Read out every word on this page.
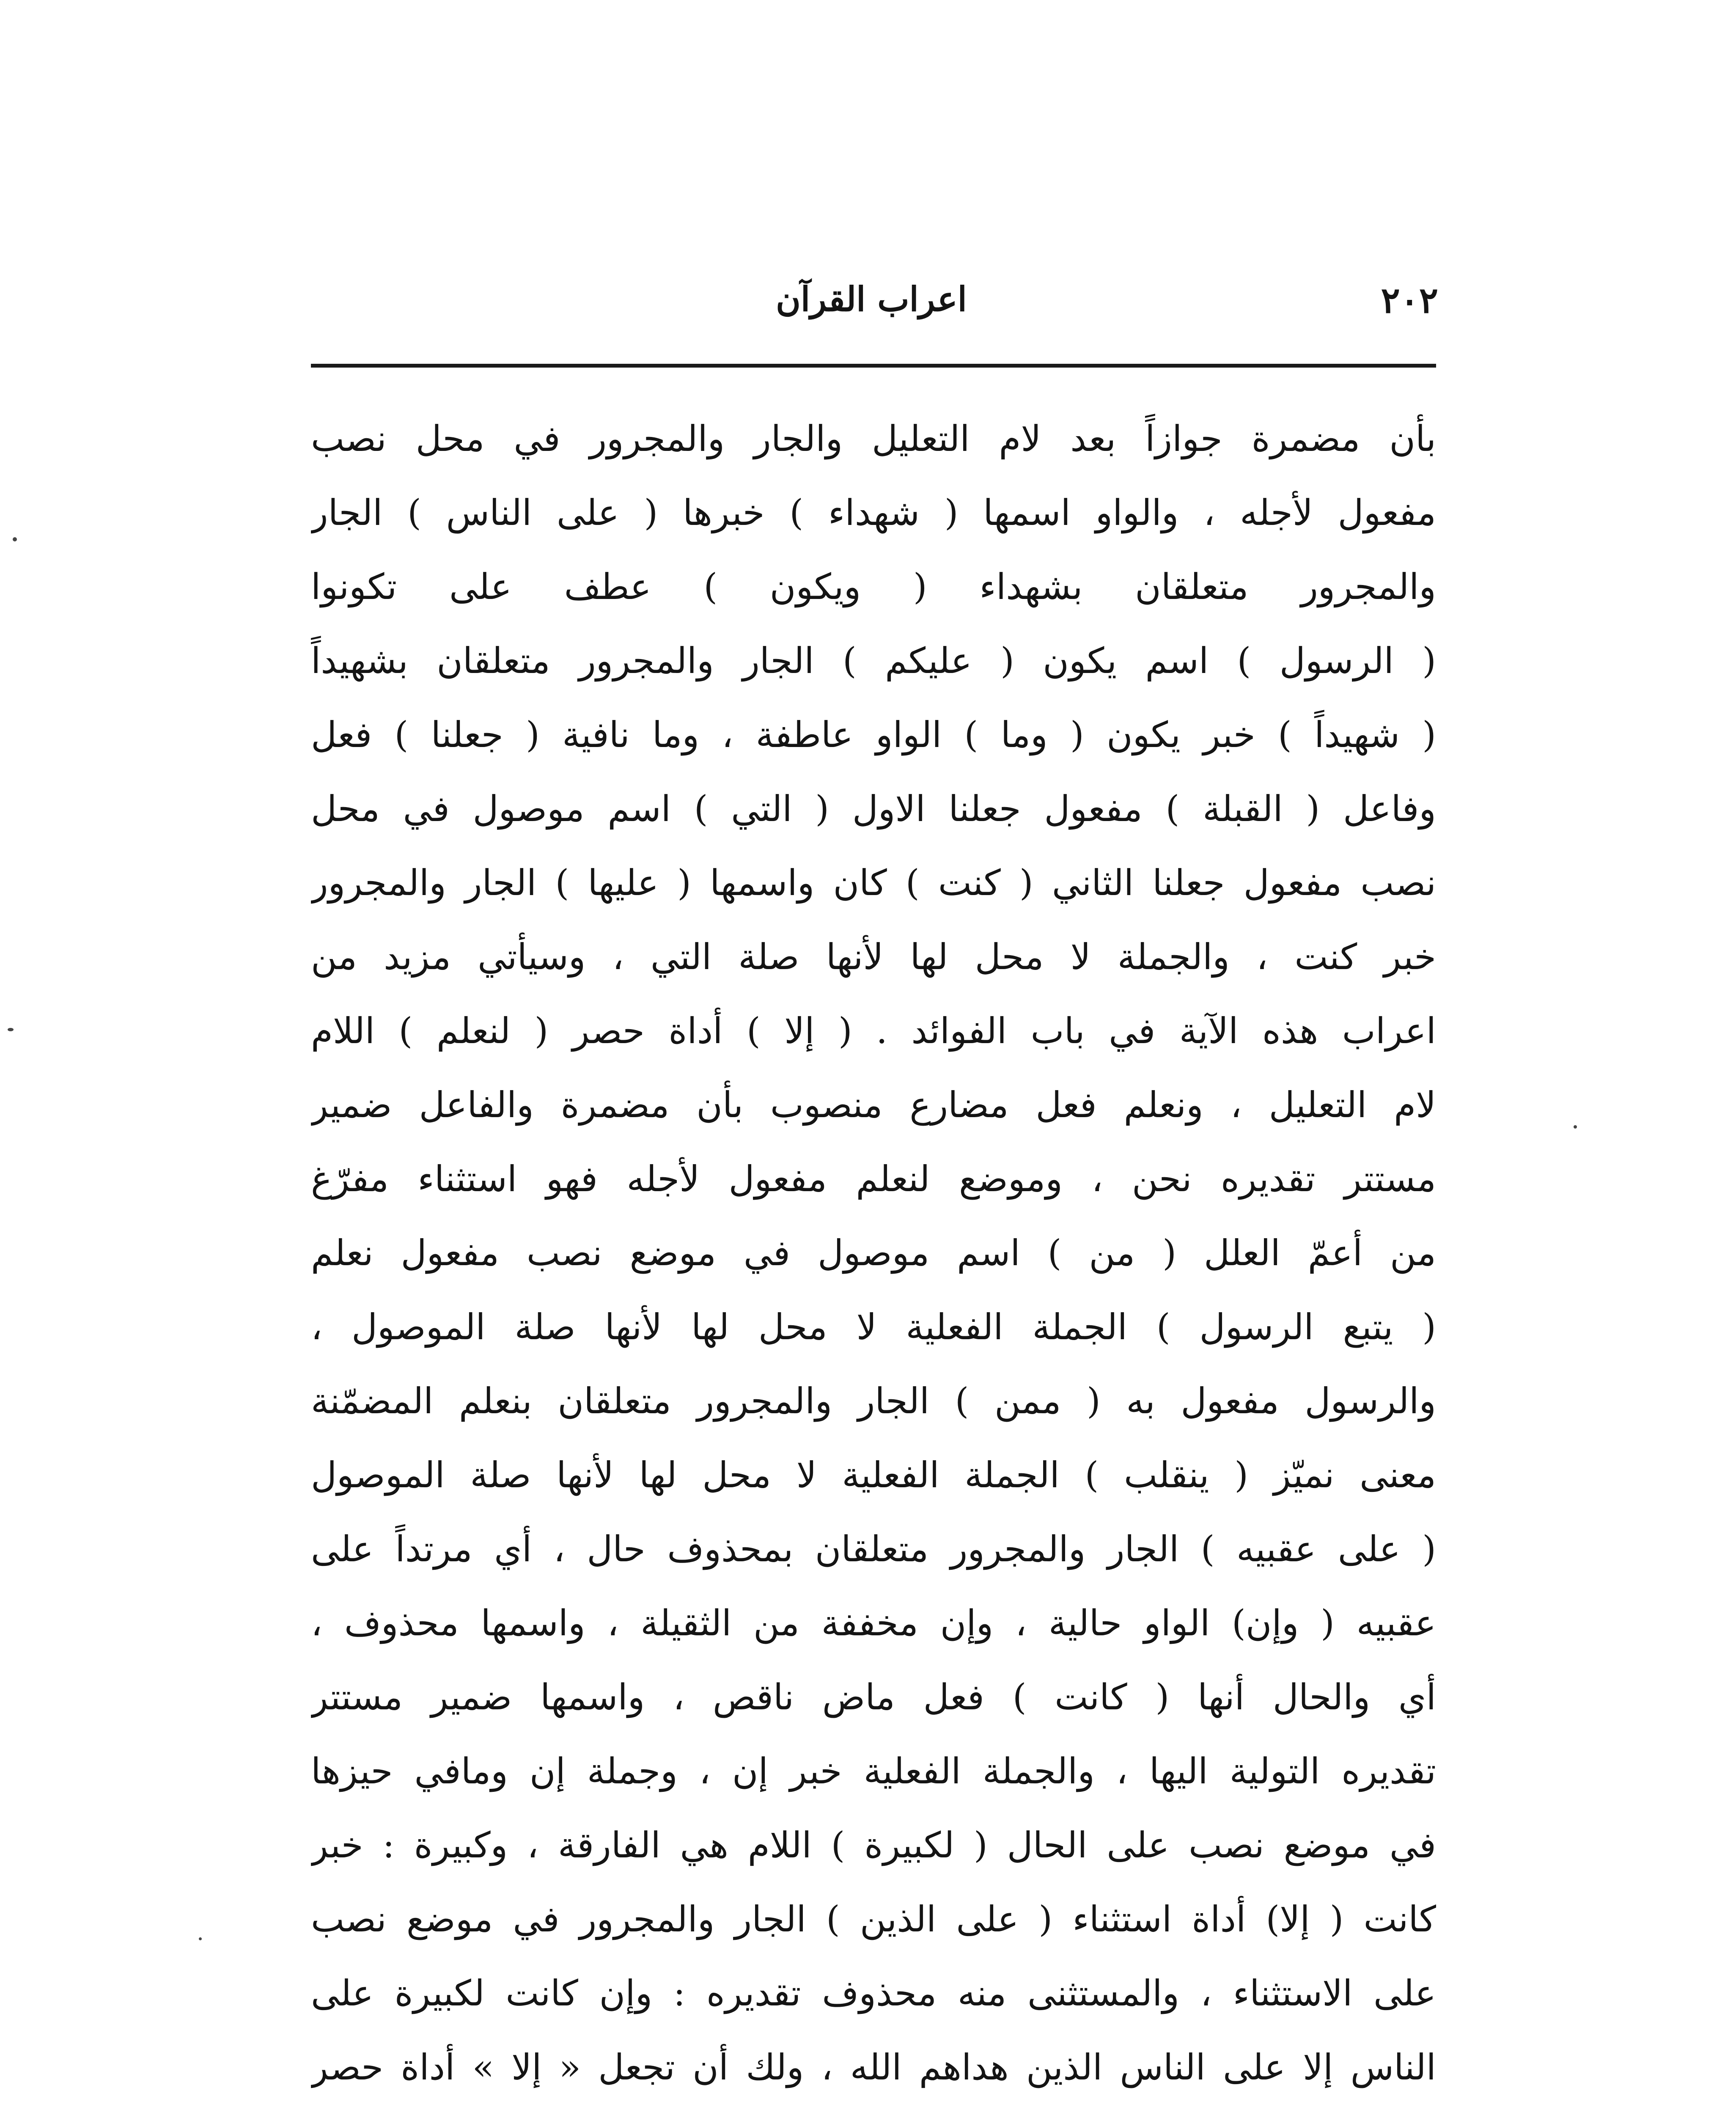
٢٠٢
اعراب القرآن
بأن مضمرة جوازاً بعد لام التعليل والجار والمجرور في محل نصب
مفعول لأجله ، والواو اسمها ( شهداء ) خبرها ( على الناس ) الجار
والمجرور متعلقان بشهداء ( ويكون ) عطف على تكونوا
( الرسول ) اسم يكون ( عليكم ) الجار والمجرور متعلقان بشهيداً
( شهيداً ) خبر يكون ( وما ) الواو عاطفة ، وما نافية ( جعلنا ) فعل
وفاعل ( القبلة ) مفعول جعلنا الاول ( التي ) اسم موصول في محل
نصب مفعول جعلنا الثاني ( كنت ) كان واسمها ( عليها ) الجار والمجرور
خبر كنت ، والجملة لا محل لها لأنها صلة التي ، وسيأتي مزيد من
اعراب هذه الآية في باب الفوائد . ( إلا ) أداة حصر ( لنعلم ) اللام
لام التعليل ، ونعلم فعل مضارع منصوب بأن مضمرة والفاعل ضمير
مستتر تقديره نحن ، وموضع لنعلم مفعول لأجله فهو استثناء مفرّغ
من أعمّ العلل ( من ) اسم موصول في موضع نصب مفعول نعلم
( يتبع الرسول ) الجملة الفعلية لا محل لها لأنها صلة الموصول ،
والرسول مفعول به ( ممن ) الجار والمجرور متعلقان بنعلم المضمّنة
معنى نميّز ( ينقلب ) الجملة الفعلية لا محل لها لأنها صلة الموصول
( على عقبيه ) الجار والمجرور متعلقان بمحذوف حال ، أي مرتداً على
عقبيه ( وإن) الواو حالية ، وإن مخففة من الثقيلة ، واسمها محذوف ،
أي والحال أنها ( كانت ) فعل ماض ناقص ، واسمها ضمير مستتر
تقديره التولية اليها ، والجملة الفعلية خبر إن ، وجملة إن ومافي حيزها
في موضع نصب على الحال ( لكبيرة ) اللام هي الفارقة ، وكبيرة : خبر
كانت ( إلا) أداة استثناء ( على الذين ) الجار والمجرور في موضع نصب
على الاستثناء ، والمستثنى منه محذوف تقديره : وإن كانت لكبيرة على
الناس إلا على الناس الذين هداهم الله ، ولك أن تجعل « إلا » أداة حصر
